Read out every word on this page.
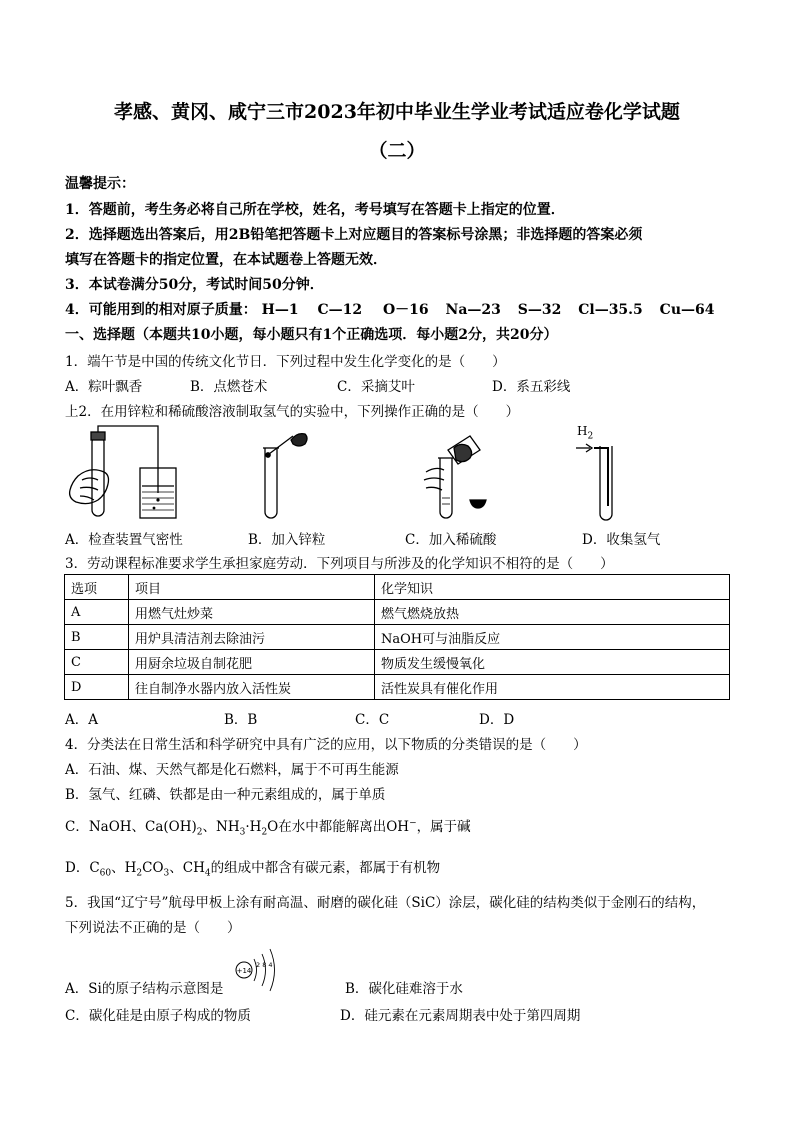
孝感、黄冈、咸宁三市2023年初中毕业生学业考试适应卷化学试题
（二）
温馨提示：
1．答题前，考生务必将自己所在学校，姓名，考号填写在答题卡上指定的位置．
2．选择题选出答案后，用2B铅笔把答题卡上对应题目的答案标号涂黑；非选择题的答案必须
填写在答题卡的指定位置，在本试题卷上答题无效．
3．本试卷满分50分，考试时间50分钟．
4．可能用到的相对原子质量： H—1 C—12 O－16 Na—23 S—32 Cl—35.5 Cu—64
一、选择题（本题共10小题，每小题只有1个正确选项．每小题2分，共20分）
1．端午节是中国的传统文化节日．下列过程中发生化学变化的是（　　）
A．粽叶飘香	B．点燃苍术	C．采摘艾叶	D．系五彩线
上2．在用锌粒和稀硫酸溶液制取氢气的实验中，下列操作正确的是（　　）
$H_2$
A．检查装置气密性	B．加入锌粒	C．加入稀硫酸	D．收集氢气
3．劳动课程标准要求学生承担家庭劳动．下列项目与所涉及的化学知识不相符的是（　　）
选项	项目	化学知识
A	用燃气灶炒菜	燃气燃烧放热
B	用炉具清洁剂去除油污	NaOH可与油脂反应
C	用厨余垃圾自制花肥	物质发生缓慢氧化
D	往自制净水器内放入活性炭	活性炭具有催化作用
A．A	B．B	C．C	D．D
4．分类法在日常生活和科学研究中具有广泛的应用，以下物质的分类错误的是（　　）
A．石油、煤、天然气都是化石燃料，属于不可再生能源
B．氢气、红磷、铁都是由一种元素组成的，属于单质
C．NaOH、$Ca(OH)_2$、$NH_3\cdot H_2O$在水中都能解离出OH−，属于碱
D．$C_{60}$、$H_2CO_3$、$CH_4$的组成中都含有碳元素，都属于有机物
5．我国“辽宁号”航母甲板上涂有耐高温、耐磨的碳化硅（SiC）涂层，碳化硅的结构类似于金刚石的结构，
下列说法不正确的是（　　）
A．Si的原子结构示意图是
+14
2 8 4
B．碳化硅难溶于水
C．碳化硅是由原子构成的物质	D．硅元素在元素周期表中处于第四周期
